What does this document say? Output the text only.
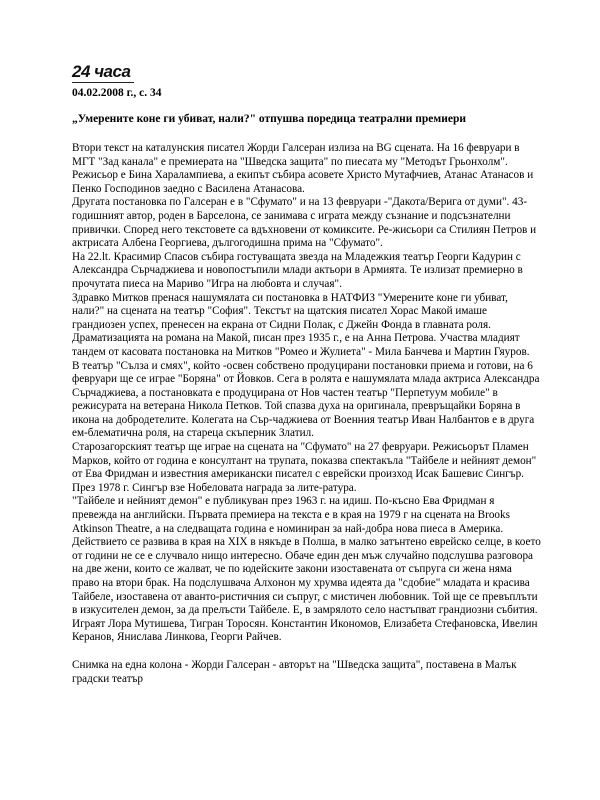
24 часа
04.02.2008 г., с. 34
„Умерените коне ги убиват, нали?" отпушва поредица театрални премиери

Втори текст на каталунския писател Жорди Галсеран излиза на BG сцената. На 16 февруари в МГТ "Зад канала" е премиерата на "Шведска защита" по пиесата му "Методът Грьонхолм". Режисьор е Бина Харалампиева, а екипът събира асовете Христо Мутафчиев, Атанас Атанасов и Пенко Господинов заедно с Василена Атанасова.

Другата постановка по Галсеран е в "Сфумато" и на 13 февруари -"Дакота/Верига от думи". 43-годишният автор, роден в Барселона, се занимава с играта между съзнание и подсъзнателни привички. Според него текстовете са вдъхновени от комиксите. Ре-жисьори са Стилиян Петров и актрисата Албена Георгиева, дългогодишна прима на "Сфумато".

На 22.lt. Красимир Спасов събира гостуващата звезда на Младежкия театър Георги Кадурин с Александра Сърчаджиева и новопостъпили млади актьори в Армията. Те излизат премиерно в прочутата пиеса на Мариво "Игра на любовта и случая".

Здравко Митков пренася нашумялата си постановка в НАТФИЗ "Умерените коне ги убиват, нали?" на сцената на театър "София". Текстът на щатския писател Хорас Макой имаше грандиозен успех, пренесен на екрана от Сидни Полак, с Джейн Фонда в главната роля. Драматизацията на романа на Макой, писан през 1935 г., е на Анна Петрова. Участва младият тандем от касовата постановка на Митков "Ромео и Жулиета" - Мила Банчева и Мартин Гяуров.

В театър "Сълза и смях", който -освен собствено продуцирани постановки приема и готови, на 6 февруари ще се играе "Боряна" от Йовков. Сега в ролята е нашумялата млада актриса Александра Сърчаджиева, а постановката е продуцирана от Нов частен театър "Перпетуум мобиле" в режисурата на ветерана Никола Петков. Той спазва духа на оригинала, превръщайки Боряна в икона на добродетелите. Колегата на Сър-чаджиева от Военния театър Иван Налбантов е в друга ем-блематична роля, на стареца скъперник Златил.

Старозагорският театър ще играе на сцената на "Сфумато" на 27 февруари. Режисьорът Пламен Марков, който от година е консултант на трупата, показва спектакъла "Тайбеле и нейният демон" от Ева Фридман и известния американски писател с еврейски произход Исак Башевис Сингър. През 1978 г. Сингър взе Нобеловата награда за лите-ратура.

"Тайбеле и нейният демон" е публикуван през 1963 г. на идиш. По-късно Ева Фридман я превежда на английски. Първата премиера на текста е в края на 1979 г на сцената на Brooks Atkinson Theatre, а на следващата година е номиниран за най-добра нова пиеса в Америка.

Действието се развива в края на XIX в някъде в Полша, в малко затънтено еврейско селце, в което от години не се е случвало нищо интересно. Обаче един ден мъж случайно подслушва разговора на две жени, които се жалват, че по юдейските закони изоставената от съпруга си жена няма право на втори брак. На подслушвача Алхонон му хрумва идеята да "сдобие" младата и красива Тайбеле, изоставена от аванто-ристичния си съпруг, с мистичен любовник. Той ще се превъплъти в изкусителен демон, за да прелъсти Тайбеле. Е, в замрялото село настъпват грандиозни събития. Играят Лора Мутишева, Тигран Торосян. Константин Икономов, Елизабета Стефановска, Ивелин Керанов, Янислава Линкова, Георги Райчев.

Снимка на една колона - Жорди Галсеран - авторът на "Шведска защита", поставена в Малък градски театър
